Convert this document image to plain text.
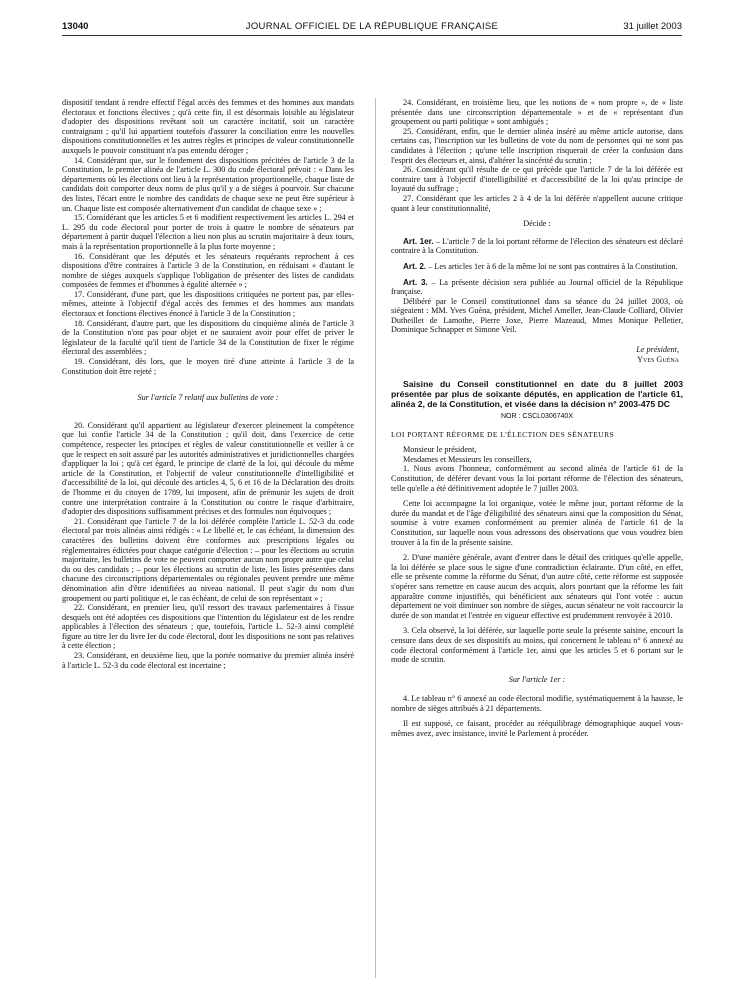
13040	JOURNAL OFFICIEL DE LA RÉPUBLIQUE FRANÇAISE	31 juillet 2003

dispositif tendant à rendre effectif l'égal accès des femmes et des hommes aux mandats électoraux et fonctions électives ; qu'à cette fin, il est désormais loisible au législateur d'adopter des dispositions revêtant soit un caractère incitatif, soit un caractère contraignant ; qu'il lui appartient toutefois d'assurer la conciliation entre les nouvelles dispositions constitutionnelles et les autres règles et principes de valeur constitutionnelle auxquels le pouvoir constituant n'a pas entendu déroger ;

14. Considérant que, sur le fondement des dispositions précitées de l'article 3 de la Constitution, le premier alinéa de l'article L. 300 du code électoral prévoit : « Dans les départements où les élections ont lieu à la représentation proportionnelle, chaque liste de candidats doit comporter deux noms de plus qu'il y a de sièges à pourvoir. Sur chacune des listes, l'écart entre le nombre des candidats de chaque sexe ne peut être supérieur à un. Chaque liste est composée alternativement d'un candidat de chaque sexe » ;

15. Considérant que les articles 5 et 6 modifient respectivement les articles L. 294 et L. 295 du code électoral pour porter de trois à quatre le nombre de sénateurs par département à partir duquel l'élection a lieu non plus au scrutin majoritaire à deux tours, mais à la représentation proportionnelle à la plus forte moyenne ;

16. Considérant que les députés et les sénateurs requérants reprochent à ces dispositions d'être contraires à l'article 3 de la Constitution, en réduisant « d'autant le nombre de sièges auxquels s'applique l'obligation de présenter des listes de candidats composées de femmes et d'hommes à égalité alternée » ;

17. Considérant, d'une part, que les dispositions critiquées ne portent pas, par elles-mêmes, atteinte à l'objectif d'égal accès des femmes et des hommes aux mandats électoraux et fonctions électives énoncé à l'article 3 de la Constitution ;

18. Considérant, d'autre part, que les dispositions du cinquième alinéa de l'article 3 de la Constitution n'ont pas pour objet et ne sauraient avoir pour effet de priver le législateur de la faculté qu'il tient de l'article 34 de la Constitution de fixer le régime électoral des assemblées ;

19. Considérant, dès lors, que le moyen tiré d'une atteinte à l'article 3 de la Constitution doit être rejeté ;

Sur l'article 7 relatif aux bulletins de vote :

20. Considérant qu'il appartient au législateur d'exercer pleinement la compétence que lui confie l'article 34 de la Constitution ; qu'il doit, dans l'exercice de cette compétence, respecter les principes et règles de valeur constitutionnelle et veiller à ce que le respect en soit assuré par les autorités administratives et juridictionnelles chargées d'appliquer la loi ; qu'à cet égard, le principe de clarté de la loi, qui découle du même article de la Constitution, et l'objectif de valeur constitutionnelle d'intelligibilité et d'accessibilité de la loi, qui découle des articles 4, 5, 6 et 16 de la Déclaration des droits de l'homme et du citoyen de 1789, lui imposent, afin de prémunir les sujets de droit contre une interprétation contraire à la Constitution ou contre le risque d'arbitraire, d'adopter des dispositions suffisamment précises et des formules non équivoques ;

21. Considérant que l'article 7 de la loi déférée complète l'article L. 52-3 du code électoral par trois alinéas ainsi rédigés : « Le libellé et, le cas échéant, la dimension des caractères des bulletins doivent être conformes aux prescriptions légales ou réglementaires édictées pour chaque catégorie d'élection : – pour les élections au scrutin majoritaire, les bulletins de vote ne peuvent comporter aucun nom propre autre que celui du ou des candidats ; – pour les élections au scrutin de liste, les listes présentées dans chacune des circonscriptions départementales ou régionales peuvent prendre une même dénomination afin d'être identifiées au niveau national. Il peut s'agir du nom d'un groupement ou parti politique et, le cas échéant, de celui de son représentant » ;

22. Considérant, en premier lieu, qu'il ressort des travaux parlementaires à l'issue desquels ont été adoptées ces dispositions que l'intention du législateur est de les rendre applicables à l'élection des sénateurs ; que, toutefois, l'article L. 52-3 ainsi complété figure au titre Ier du livre Ier du code électoral, dont les dispositions ne sont pas relatives à cette élection ;

23. Considérant, en deuxième lieu, que la portée normative du premier alinéa inséré à l'article L. 52-3 du code électoral est incertaine ;

24. Considérant, en troisième lieu, que les notions de « nom propre », de « liste présentée dans une circonscription départementale » et de « représentant d'un groupement ou parti politique » sont ambiguës ;

25. Considérant, enfin, que le dernier alinéa inséré au même article autorise, dans certains cas, l'inscription sur les bulletins de vote du nom de personnes qui ne sont pas candidates à l'élection ; qu'une telle inscription risquerait de créer la confusion dans l'esprit des électeurs et, ainsi, d'altérer la sincérité du scrutin ;

26. Considérant qu'il résulte de ce qui précède que l'article 7 de la loi déférée est contraire tant à l'objectif d'intelligibilité et d'accessibilité de la loi qu'au principe de loyauté du suffrage ;

27. Considérant que les articles 2 à 4 de la loi déférée n'appellent aucune critique quant à leur constitutionnalité,

Décide :

Art. 1er. – L'article 7 de la loi portant réforme de l'élection des sénateurs est déclaré contraire à la Constitution.

Art. 2. – Les articles 1er à 6 de la même loi ne sont pas contraires à la Constitution.

Art. 3. – La présente décision sera publiée au Journal officiel de la République française.

Délibéré par le Conseil constitutionnel dans sa séance du 24 juillet 2003, où siégeaient : MM. Yves Guéna, président, Michel Ameller, Jean-Claude Colliard, Olivier Dutheillet de Lamothe, Pierre Joxe, Pierre Mazeaud, Mmes Monique Pelletier, Dominique Schnapper et Simone Veil.

Le président,

Yves Guéna

Saisine du Conseil constitutionnel en date du 8 juillet 2003 présentée par plus de soixante députés, en application de l'article 61, alinéa 2, de la Constitution, et visée dans la décision n° 2003-475 DC

NOR : CSCL0306740X

LOI PORTANT RÉFORME DE L'ÉLECTION DES SÉNATEURS

Monsieur le président,

Mesdames et Messieurs les conseillers,

1. Nous avons l'honneur, conformément au second alinéa de l'article 61 de la Constitution, de déférer devant vous la loi portant réforme de l'élection des sénateurs, telle qu'elle a été définitivement adoptée le 7 juillet 2003.

Cette loi accompagne la loi organique, votée le même jour, portant réforme de la durée du mandat et de l'âge d'éligibilité des sénateurs ainsi que la composition du Sénat, soumise à votre examen conformément au premier alinéa de l'article 61 de la Constitution, sur laquelle nous vous adressons des observations que vous voudrez bien trouver à la fin de la présente saisine.

2. D'une manière générale, avant d'entrer dans le détail des critiques qu'elle appelle, la loi déférée se place sous le signe d'une contradiction éclairante. D'un côté, en effet, elle se présente comme la réforme du Sénat, d'un autre côté, cette réforme est supposée s'opérer sans remettre en cause aucun des acquis, alors pourtant que la réforme les fait apparaître comme injustifiés, qui bénéficient aux sénateurs qui l'ont votée : aucun département ne voit diminuer son nombre de sièges, aucun sénateur ne voit raccourcir la durée de son mandat et l'entrée en vigueur effective est prudemment renvoyée à 2010.

3. Cela observé, la loi déférée, sur laquelle porte seule la présente saisine, encourt la censure dans deux de ses dispositifs au moins, qui concernent le tableau n° 6 annexé au code électoral conformément à l'article 1er, ainsi que les articles 5 et 6 portant sur le mode de scrutin.

Sur l'article 1er :

4. Le tableau n° 6 annexé au code électoral modifie, systématiquement à la hausse, le nombre de sièges attribués à 21 départements.

Il est supposé, ce faisant, procéder au rééquilibrage démographique auquel vous-mêmes avez, avec insistance, invité le Parlement à procéder.
